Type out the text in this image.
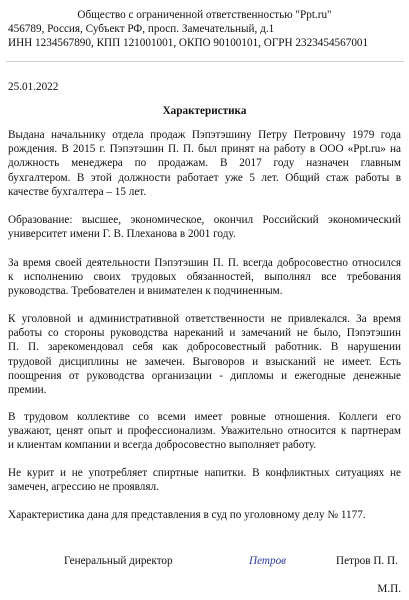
Общество с ограниченной ответственностью "Ppt.ru"
456789, Россия, Субъект РФ, просп. Замечательный, д.1
ИНН 1234567890, КПП 121001001, ОКПО 90100101, ОГРН 2323454567001
25.01.2022
Характеристика
Выдана начальнику отдела продаж Пэпэтэшину Петру Петровичу 1979 года
рождения. В 2015 г. Пэпэтэшин П. П. был принят на работу в ООО «Ppt.ru» на
должность менеджера по продажам. В 2017 году назначен главным
бухгалтером. В этой должности работает уже 5 лет. Общий стаж работы в
качестве бухгалтера – 15 лет.
Образование: высшее, экономическое, окончил Российский экономический
университет имени Г. В. Плеханова в 2001 году.
За время своей деятельности Пэпэтэшин П. П. всегда добросовестно относился
к исполнению своих трудовых обязанностей, выполнял все требования
руководства. Требователен и внимателен к подчиненным.
К уголовной и административной ответственности не привлекался. За время
работы со стороны руководства нареканий и замечаний не было, Пэпэтэшин
П. П. зарекомендовал себя как добросовестный работник. В нарушении
трудовой дисциплины не замечен. Выговоров и взысканий не имеет. Есть
поощрения от руководства организации - дипломы и ежегодные денежные
премии.
В трудовом коллективе со всеми имеет ровные отношения. Коллеги его
уважают, ценят опыт и профессионализм. Уважительно относится к партнерам
и клиентам компании и всегда добросовестно выполняет работу.
Не курит и не употребляет спиртные напитки. В конфликтных ситуациях не
замечен, агрессию не проявлял.
Характеристика дана для представления в суд по уголовному делу № 1177.
Генеральный директор	Петров	Петров П. П.
М.П.
